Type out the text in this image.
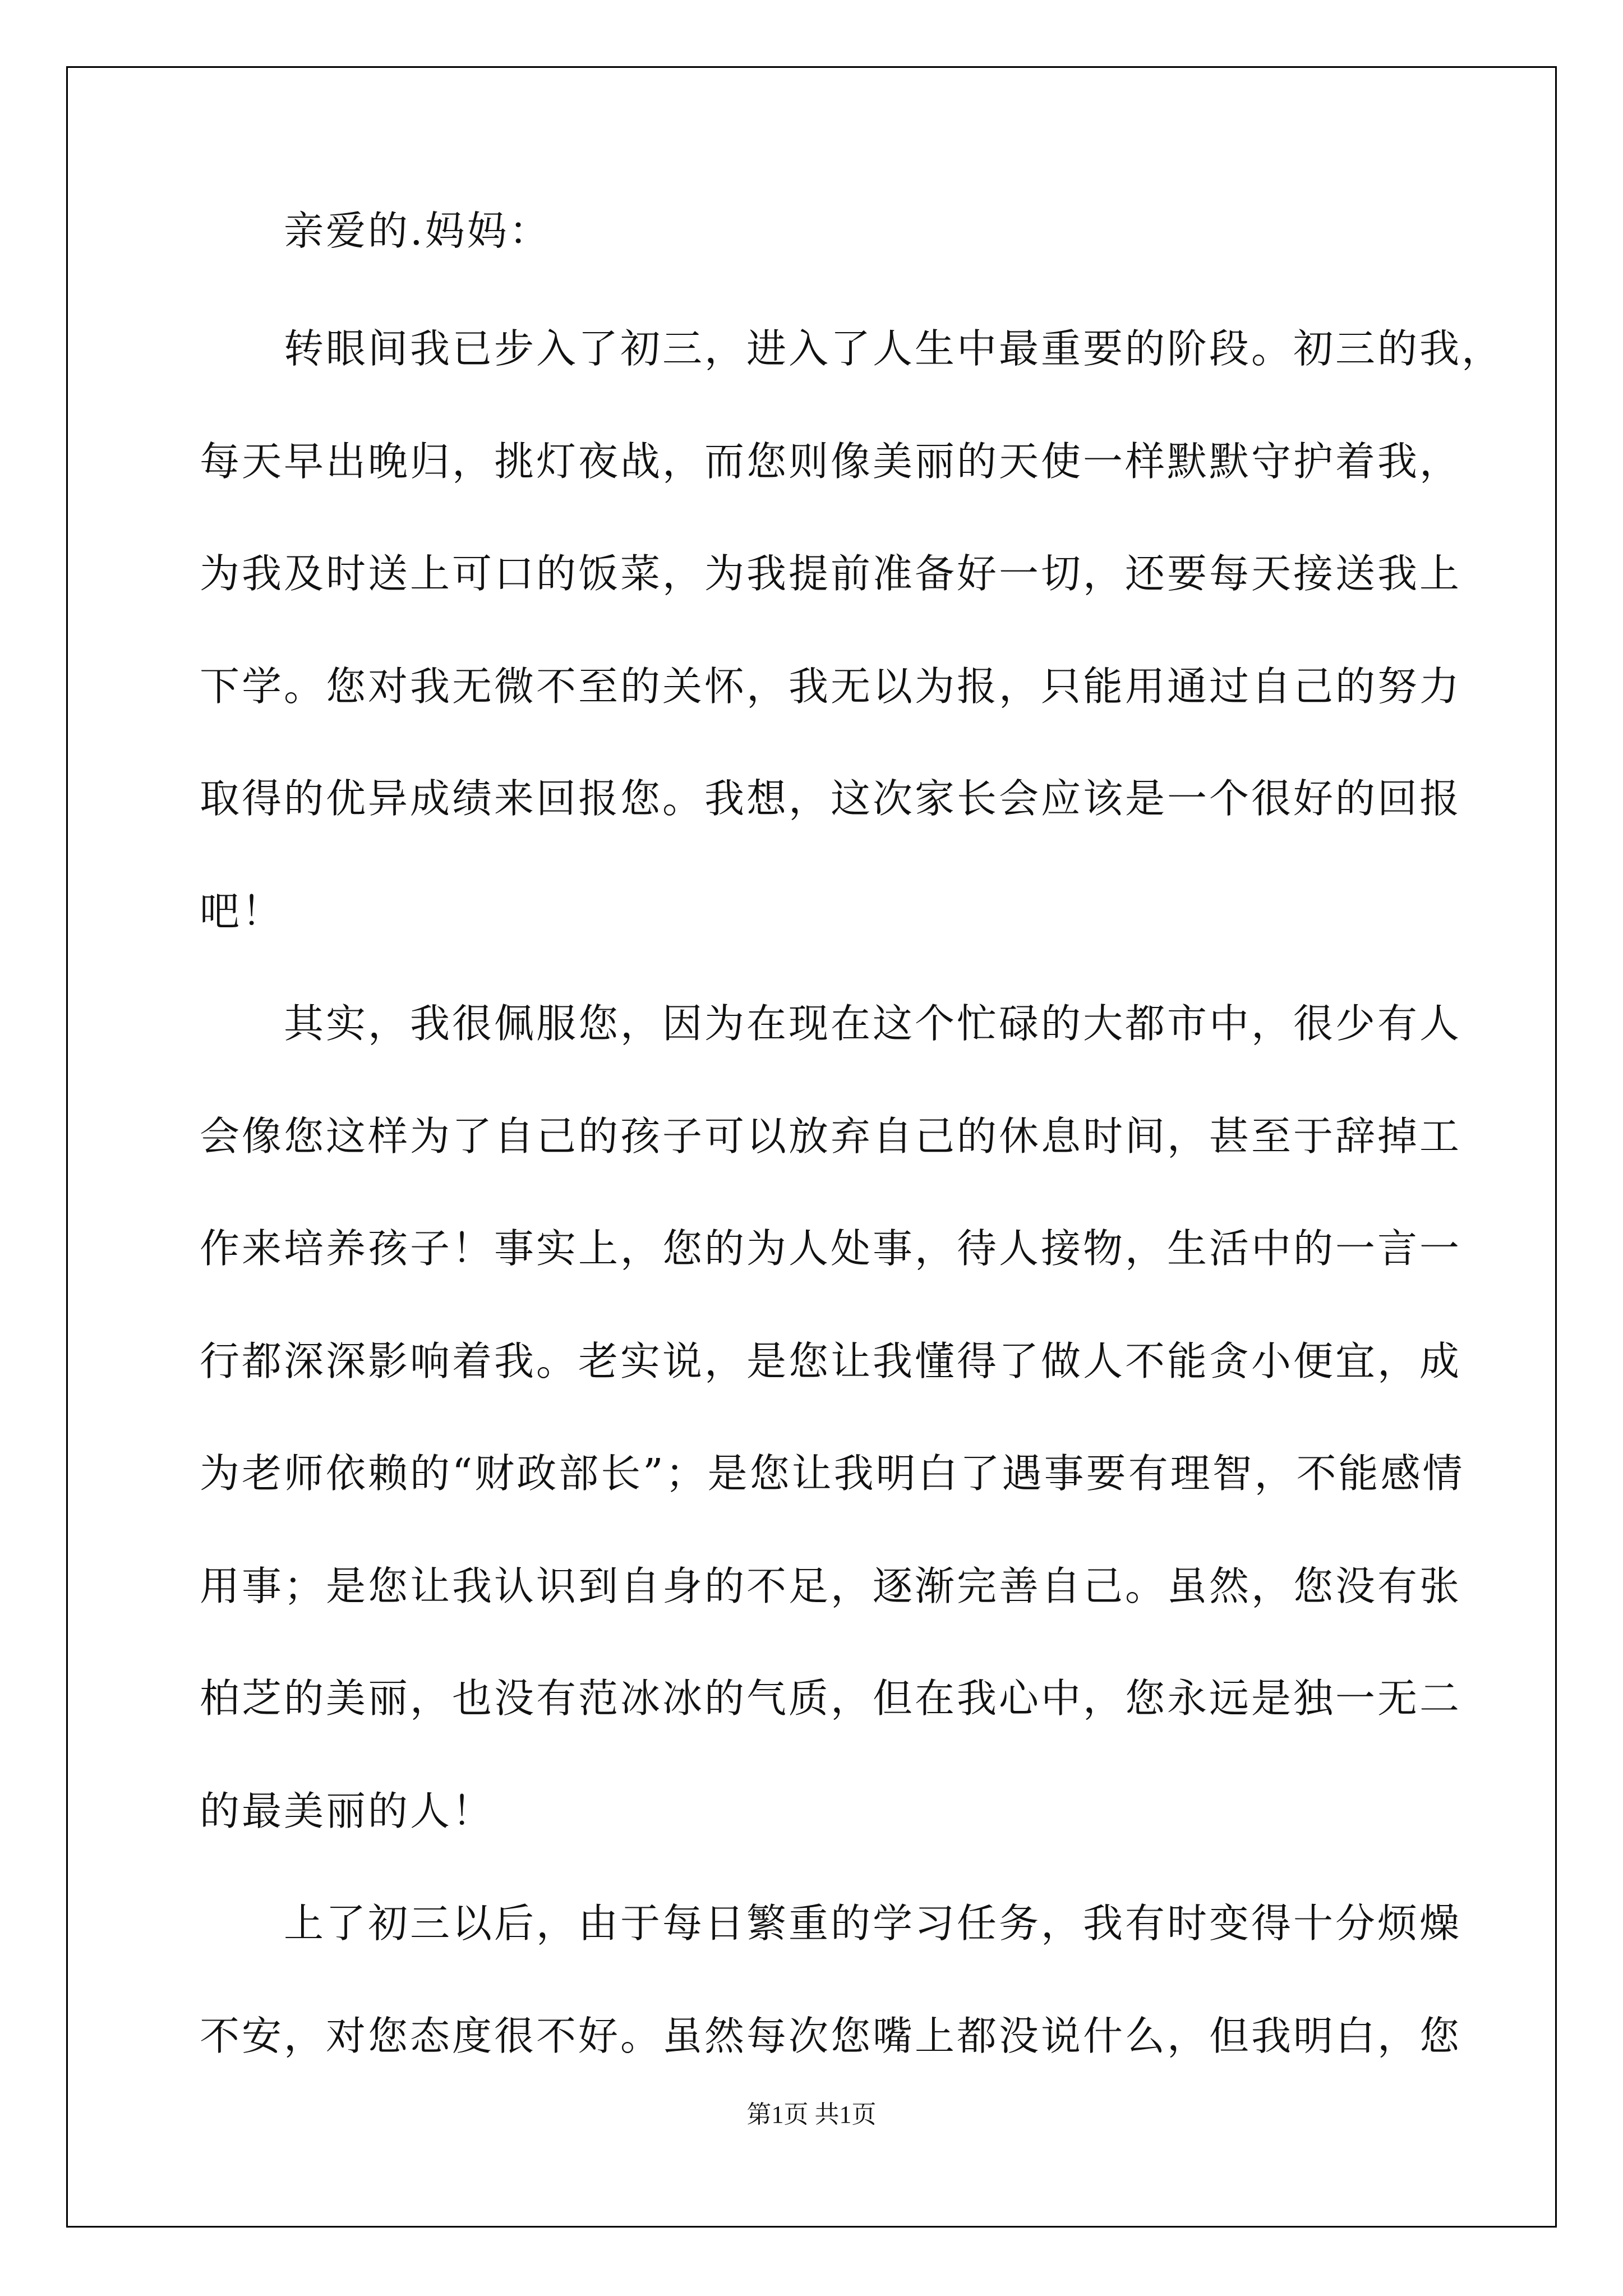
亲爱的.妈妈：
转眼间我已步入了初三，进入了人生中最重要的阶段。初三的我，
每天早出晚归，挑灯夜战，而您则像美丽的天使一样默默守护着我，
为我及时送上可口的饭菜，为我提前准备好一切，还要每天接送我上
下学。您对我无微不至的关怀，我无以为报，只能用通过自己的努力
取得的优异成绩来回报您。我想，这次家长会应该是一个很好的回报
吧！
其实，我很佩服您，因为在现在这个忙碌的大都市中，很少有人
会像您这样为了自己的孩子可以放弃自己的休息时间，甚至于辞掉工
作来培养孩子！事实上，您的为人处事，待人接物，生活中的一言一
行都深深影响着我。老实说，是您让我懂得了做人不能贪小便宜，成
为老师依赖的“财政部长”；是您让我明白了遇事要有理智，不能感情
用事；是您让我认识到自身的不足，逐渐完善自己。虽然，您没有张
柏芝的美丽，也没有范冰冰的气质，但在我心中，您永远是独一无二
的最美丽的人！
上了初三以后，由于每日繁重的学习任务，我有时变得十分烦燥
不安，对您态度很不好。虽然每次您嘴上都没说什么，但我明白，您
第1页 共1页
